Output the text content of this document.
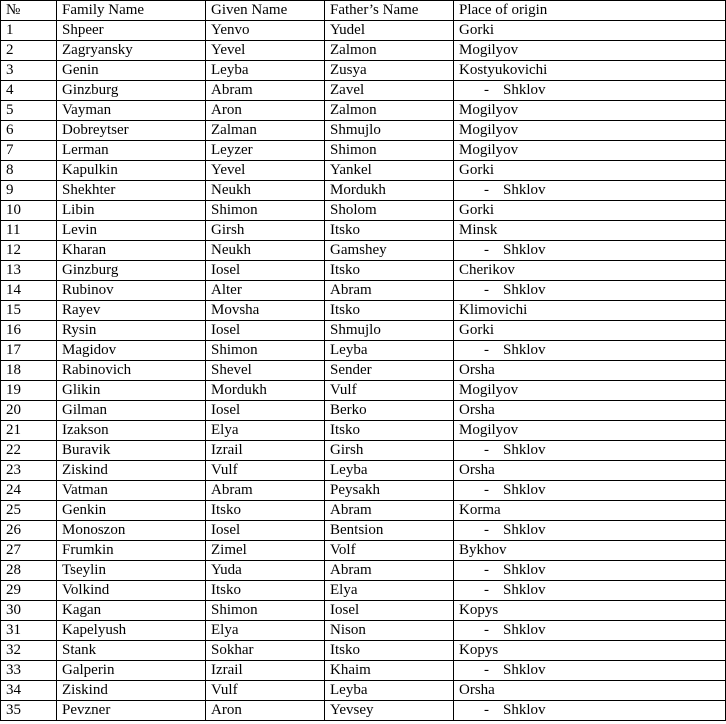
№	Family Name	Given Name	Father’s Name	Place of origin
1	Shpeer	Yenvo	Yudel	Gorki
2	Zagryansky	Yevel	Zalmon	Mogilyov
3	Genin	Leyba	Zusya	Kostyukovichi
4	Ginzburg	Abram	Zavel	- Shklov
5	Vayman	Aron	Zalmon	Mogilyov
6	Dobreytser	Zalman	Shmujlo	Mogilyov
7	Lerman	Leyzer	Shimon	Mogilyov
8	Kapulkin	Yevel	Yankel	Gorki
9	Shekhter	Neukh	Mordukh	- Shklov
10	Libin	Shimon	Sholom	Gorki
11	Levin	Girsh	Itsko	Minsk
12	Kharan	Neukh	Gamshey	- Shklov
13	Ginzburg	Iosel	Itsko	Cherikov
14	Rubinov	Alter	Abram	- Shklov
15	Rayev	Movsha	Itsko	Klimovichi
16	Rysin	Iosel	Shmujlo	Gorki
17	Magidov	Shimon	Leyba	- Shklov
18	Rabinovich	Shevel	Sender	Orsha
19	Glikin	Mordukh	Vulf	Mogilyov
20	Gilman	Iosel	Berko	Orsha
21	Izakson	Elya	Itsko	Mogilyov
22	Buravik	Izrail	Girsh	- Shklov
23	Ziskind	Vulf	Leyba	Orsha
24	Vatman	Abram	Peysakh	- Shklov
25	Genkin	Itsko	Abram	Korma
26	Monoszon	Iosel	Bentsion	- Shklov
27	Frumkin	Zimel	Volf	Bykhov
28	Tseylin	Yuda	Abram	- Shklov
29	Volkind	Itsko	Elya	- Shklov
30	Kagan	Shimon	Iosel	Kopys
31	Kapelyush	Elya	Nison	- Shklov
32	Stank	Sokhar	Itsko	Kopys
33	Galperin	Izrail	Khaim	- Shklov
34	Ziskind	Vulf	Leyba	Orsha
35	Pevzner	Aron	Yevsey	- Shklov
